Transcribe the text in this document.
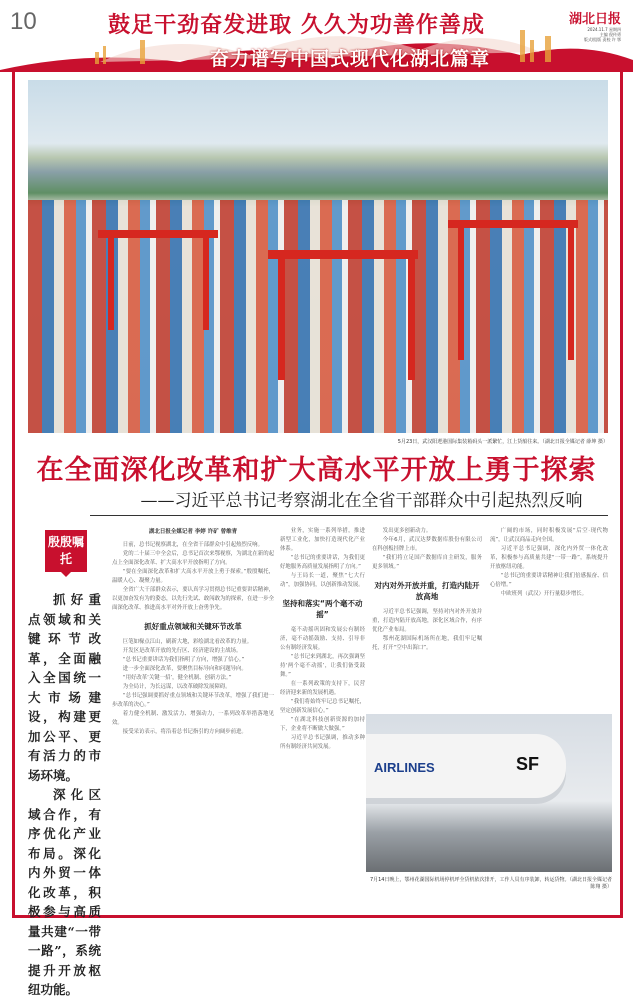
10	鼓足干劲奋发进取 久久为功善作善成
奋力谱写中国式现代化湖北篇章
湖北日报
2024.11.7 星期四
主编 倪传勇
版式/组版 责校 许 鄂
5月23日，武汉阳逻港国际集装箱码头一派繁忙，江上货船往来。（湖北日报全媒记者 薛坤 摄）
在全面深化改革和扩大高水平开放上勇于探索
——习近平总书记考察湖北在全省干部群众中引起热烈反响
殷殷嘱托

抓好重点领域和关键环节改革，全面融入全国统一大市场建设，构建更加公平、更有活力的市场环境。

深化区域合作，有序优化产业布局。深化内外贸一体化改革，积极参与高质量共建“一带一路”，系统提升开放枢纽功能。

湖北日报全媒记者 李婷 许矿 曾维青

日前，总书记视察湖北，在全省干部群众中引起热烈反响。

党的二十届三中全会后，总书记首次来鄂视察，为湖北在新的起点上全面深化改革、扩大高水平开放指明了方向。

“要在全面深化改革和扩大高水平开放上勇于探索。”殷殷嘱托，温暖人心、凝聚力量。

全省广大干部群众表示，要认真学习贯彻总书记重要讲话精神，以更加奋发有为的姿态，以先行先试、敢闯敢为的探索，在进一步全面深化改革、推进高水平对外开放上奋勇争先。

抓好重点领域和关键环节改革

巨笔如椽点江山，刷新大地，彩绘湖北看改革的力量。

开发区是改革开放的先行区、经济建设的主战场。

“总书记重要讲话为我们指明了方向，增强了信心。”

进一步全面深化改革，要聚焦目标导向和问题导向。

“用好改革‘关键一招’，健全机制、创新方法。”

为全局计，为长远谋，以改革破除发展障碍。

“总书记强调要抓好重点领域和关键环节改革，增强了我们进一步改革的决心。”

着力健全机制、激发活力、增强动力，一系列改革举措落地见效。

接受采访表示，将沿着总书记指引的方向阔步前进。

业务，实施一系列举措，推进新型工业化，加快打造现代化产业体系。

“总书记的重要讲话，为我们更好地服务高质量发展指明了方向。”

与王局长一道，聚焦“七大行动”，加强协同，以创新推动发展。

坚持和落实“两个毫不动摇”

毫不动摇巩固和发展公有制经济，毫不动摇鼓励、支持、引导非公有制经济发展。

“总书记来到湖北，再次强调坚持‘两个毫不动摇’，让我们备受鼓舞。”

在一系列政策的支持下，民营经济迎来新的发展机遇。

“我们将始终牢记总书记嘱托，坚定创新发展信心。”

“在湖北科技创新资源的加持下，企业将不断做大做强。”

习近平总书记强调，推动多种所有制经济共同发展。

发出更多创新动力。

今年6月，武汉达梦数据库股份有限公司在科创板挂牌上市。

“我们将立足国产数据库自主研发，服务更多领域。”

对内对外开放并重，打造内陆开放高地

习近平总书记强调，坚持对内对外开放并重，打造内陆开放高地，深化区域合作，有序优化产业布局。

鄂州花湖国际机场所在地，我们牢记嘱托，打开“空中出海口”。

广阔的市场，同时积极发展“后空·现代物流”，让武汉商品走向全国。

习近平总书记强调，深化内外贸一体化改革，积极参与高质量共建“一带一路”，系统提升开放枢纽功能。

“总书记的重要讲话精神让我们倍感振奋、信心倍增。”

中欧班列（武汉）开行量稳步增长。

AIRLINES	SF
7月14日晚上，鄂州花湖国际机场停机坪全货机依次排开，工作人员有序装卸，转运货物。（湖北日报全媒记者 陈翔 摄）
